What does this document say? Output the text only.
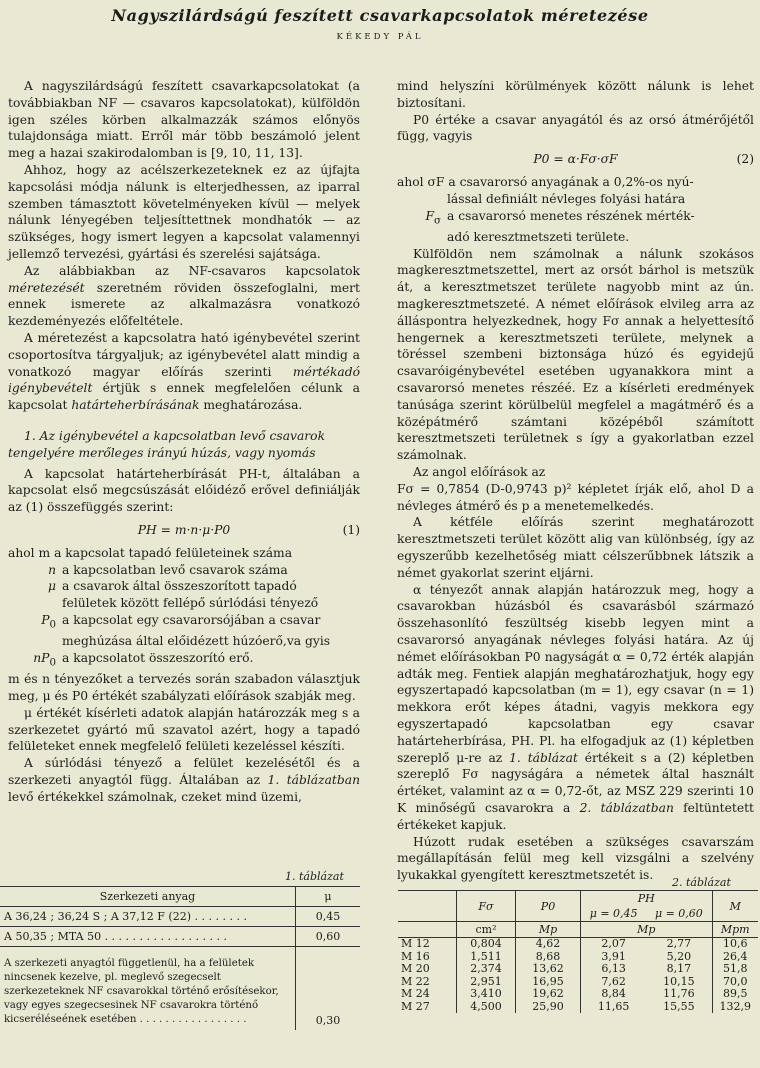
Nagyszilárdságú feszített csavarkapcsolatok méretezése
KÉKEDY PÁL

A nagyszilárdságú feszített csavarkapcsolatokat (a továbbiakban NF — csavaros kapcsolatokat), külföldön igen széles körben alkalmazzák számos előnyös tulajdonsága miatt. Erről már több beszámoló jelent meg a hazai szakirodalomban is [9, 10, 11, 13].

Ahhoz, hogy az acélszerkezeteknek ez az újfajta kapcsolási módja nálunk is elterjedhessen, az iparral szemben támasztott követelményeken kívül — melyek nálunk lényegében teljesíttettnek mondhatók — az szükséges, hogy ismert legyen a kapcsolat valamennyi jellemző tervezési, gyártási és szerelési sajátsága.

Az alábbiakban az NF-csavaros kapcsolatok méretezését szeretném röviden összefoglalni, mert ennek ismerete az alkalmazásra vonatkozó kezdeményezés előfeltétele.

A méretezést a kapcsolatra ható igénybevétel szerint csoportosítva tárgyaljuk; az igénybevétel alatt mindig a vonatkozó magyar előírás szerinti mértékadó igénybevételt értjük s ennek megfelelően célunk a kapcsolat határteherbírásának meghatározása.

1. Az igénybevétel a kapcsolatban levő csavarok tengelyére merőleges irányú húzás, vagy nyomás

A kapcsolat határteherbírását PH-t, általában a kapcsolat első megcsúszását előidéző erővel definiálják az (1) összefüggés szerint:

PH = m·n·μ·P0	(1)

ahol m a kapcsolat tapadó felületeinek száma

n a kapcsolatban levő csavarok száma
μ a csavarok által összeszorított tapadó
felületek között fellépő súrlódási tényező
$P_0$ a kapcsolat egy csavarorsójában a csavar
meghúzása által előidézett húzóerő,va gyis
$nP_0$ a kapcsolatot összeszorító erő.

m és n tényezőket a tervezés során szabadon választjuk meg, μ és P0 értékét szabályzati előírások szabják meg.

μ értékét kísérleti adatok alapján határozzák meg s a szerkezetet gyártó mű szavatol azért, hogy a tapadó felületeket ennek megfelelő felületi kezeléssel készíti.

A súrlódási tényező a felület kezelésétől és a szerkezeti anyagtól függ. Általában az 1. táblázatban levő értékekkel számolnak, czeket mind üzemi,

mind helyszíni körülmények között nálunk is lehet biztosítani.

P0 értéke a csavar anyagától és az orsó átmérőjétől függ, vagyis

P0 = α·Fσ·σF	(2)

ahol σF a csavarorsó anyagának a 0,2%-os nyú-

lással definiált névleges folyási határa
$F_\sigma$ a csavarorsó menetes részének mérték-
adó keresztmetszeti területe.

Külföldön nem számolnak a nálunk szokásos magkeresztmetszettel, mert az orsót bárhol is metszük át, a keresztmetszet területe nagyobb mint az ún. magkeresztmetszeté. A német előírások elvileg arra az álláspontra helyezkednek, hogy Fσ annak a helyettesítő hengernek a keresztmetszeti területe, melynek a töréssel szembeni biztonsága húzó és egyidejű csavaróigénybevétel esetében ugyanakkora mint a csavarorsó menetes részéé. Ez a kísérleti eredmények tanúsága szerint körülbelül megfelel a magátmérő és a középátmérő számtani középéből számított keresztmetszeti területnek s így a gyakorlatban ezzel számolnak.

Az angol előírások az

Fσ = 0,7854 (D-0,9743 p)² képletet írják elő, ahol D a névleges átmérő és p a menetemelkedés.

A kétféle előírás szerint meghatározott keresztmetszeti terület között alig van különbség, így az egyszerűbb kezelhetőség miatt célszerűbbnek látszik a német gyakorlat szerint eljárni.

α tényezőt annak alapján határozzuk meg, hogy a csavarokban húzásból és csavarásból származó összehasonlító feszültség kisebb legyen mint a csavarorsó anyagának névleges folyási határa. Az új német előírásokban P0 nagyságát α = 0,72 érték alapján adták meg. Fentiek alapján meghatározhatjuk, hogy egy egyszertapadó kapcsolatban (m = 1), egy csavar (n = 1) mekkora erőt képes átadni, vagyis mekkora egy egyszertapadó kapcsolatban egy csavar határteherbírása, PH. Pl. ha elfogadjuk az (1) képletben szereplő μ-re az 1. táblázat értékeit s a (2) képletben szereplő Fσ nagyságára a németek által használt értéket, valamint az α = 0,72-őt, az MSZ 229 szerinti 10 K minőségű csavarokra a 2. táblázatban feltüntetett értékeket kapjuk.

Húzott rudak esetében a szükséges csavarszám megállapításán felül meg kell vizsgálni a szelvény lyukakkal gyengített keresztmetszetét is.

1. táblázat
Szerkezeti anyag	μ
A 36,24 ; 36,24 S ; A 37,12 F (22) . . . . . . . .	0,45
A 50,35 ; MTA 50 . . . . . . . . . . . . . . . . . .	0,60
A szerkezeti anyagtól függetlenül, ha a felületek nincsenek kezelve, pl. meglevő szegecselt szerkezeteknek NF csavarokkal történő erősítésekor, vagy egyes szegecsesinek NF csavarokra történő kicseréléseének esetében . . . . . . . . . . . . . . . . .	0,30
2. táblázat
	Fσ	P0	PH		M
			μ = 0,45	μ = 0,60	
	cm²	Mp	Mp		Mpm
M 12	0,804	4,62	2,07	2,77	10,6
M 16	1,511	8,68	3,91	5,20	26,4
M 20	2,374	13,62	6,13	8,17	51,8
M 22	2,951	16,95	7,62	10,15	70,0
M 24	3,410	19,62	8,84	11,76	89,5
M 27	4,500	25,90	11,65	15,55	132,9
